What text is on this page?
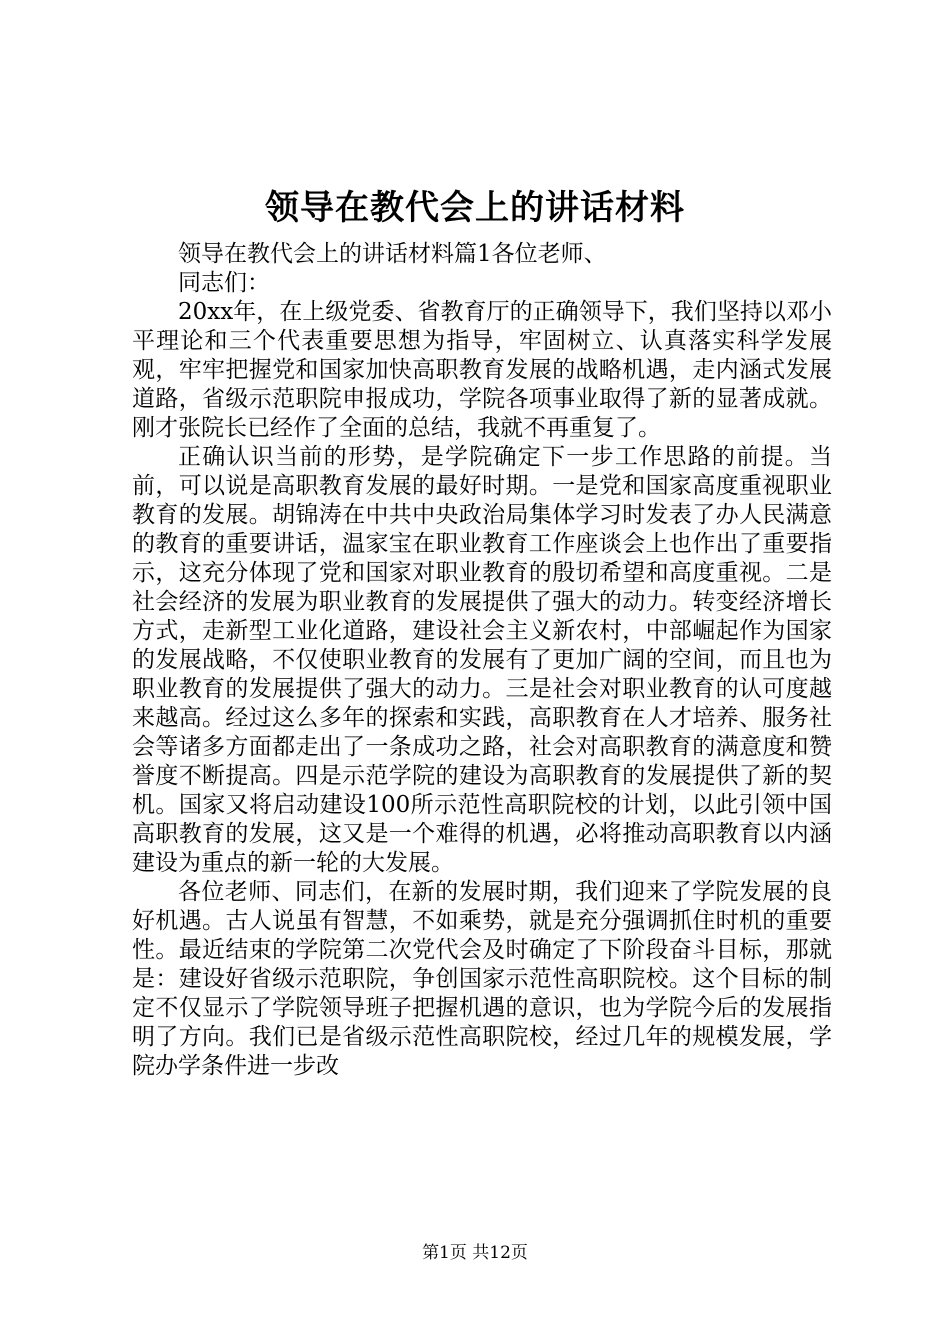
领导在教代会上的讲话材料

领导在教代会上的讲话材料篇1各位老师、

同志们：

20xx年，在上级党委、省教育厅的正确领导下，我们坚持以邓小平理论和三个代表重要思想为指导，牢固树立、认真落实科学发展观，牢牢把握党和国家加快高职教育发展的战略机遇，走内涵式发展道路，省级示范职院申报成功，学院各项事业取得了新的显著成就。刚才张院长已经作了全面的总结，我就不再重复了。

正确认识当前的形势，是学院确定下一步工作思路的前提。当前，可以说是高职教育发展的最好时期。一是党和国家高度重视职业教育的发展。胡锦涛在中共中央政治局集体学习时发表了办人民满意的教育的重要讲话，温家宝在职业教育工作座谈会上也作出了重要指示，这充分体现了党和国家对职业教育的殷切希望和高度重视。二是社会经济的发展为职业教育的发展提供了强大的动力。转变经济增长方式，走新型工业化道路，建设社会主义新农村，中部崛起作为国家的发展战略，不仅使职业教育的发展有了更加广阔的空间，而且也为职业教育的发展提供了强大的动力。三是社会对职业教育的认可度越来越高。经过这么多年的探索和实践，高职教育在人才培养、服务社会等诸多方面都走出了一条成功之路，社会对高职教育的满意度和赞誉度不断提高。四是示范学院的建设为高职教育的发展提供了新的契机。国家又将启动建设100所示范性高职院校的计划，以此引领中国高职教育的发展，这又是一个难得的机遇，必将推动高职教育以内涵建设为重点的新一轮的大发展。

各位老师、同志们，在新的发展时期，我们迎来了学院发展的良好机遇。古人说虽有智慧，不如乘势，就是充分强调抓住时机的重要性。最近结束的学院第二次党代会及时确定了下阶段奋斗目标，那就是：建设好省级示范职院，争创国家示范性高职院校。这个目标的制定不仅显示了学院领导班子把握机遇的意识，也为学院今后的发展指明了方向。我们已是省级示范性高职院校，经过几年的规模发展，学院办学条件进一步改

第1页 共12页
